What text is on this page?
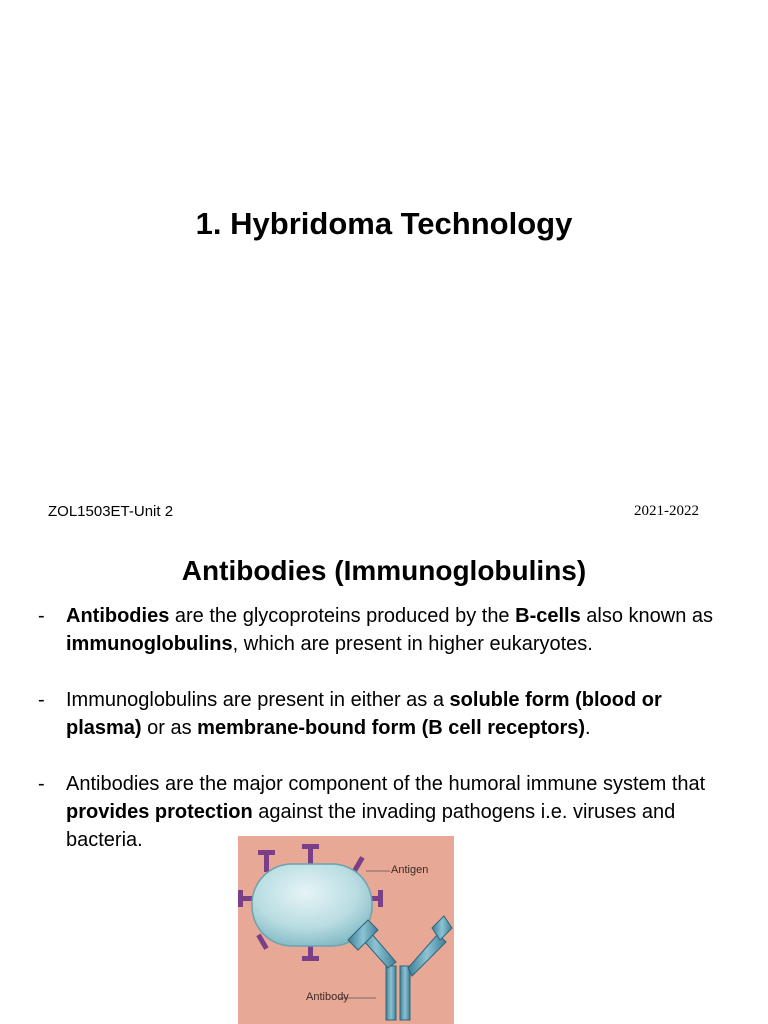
1. Hybridoma Technology
ZOL1503ET-Unit 2	2021-2022
Antibodies (Immunoglobulins)
- Antibodies are the glycoproteins produced by the B-cells also known as immunoglobulins, which are present in higher eukaryotes.
- Immunoglobulins are present in either as a soluble form (blood or plasma) or as membrane-bound form (B cell receptors).
- Antibodies are the major component of the humoral immune system that provides protection against the invading pathogens i.e. viruses and bacteria.
Antigen
Antibody
